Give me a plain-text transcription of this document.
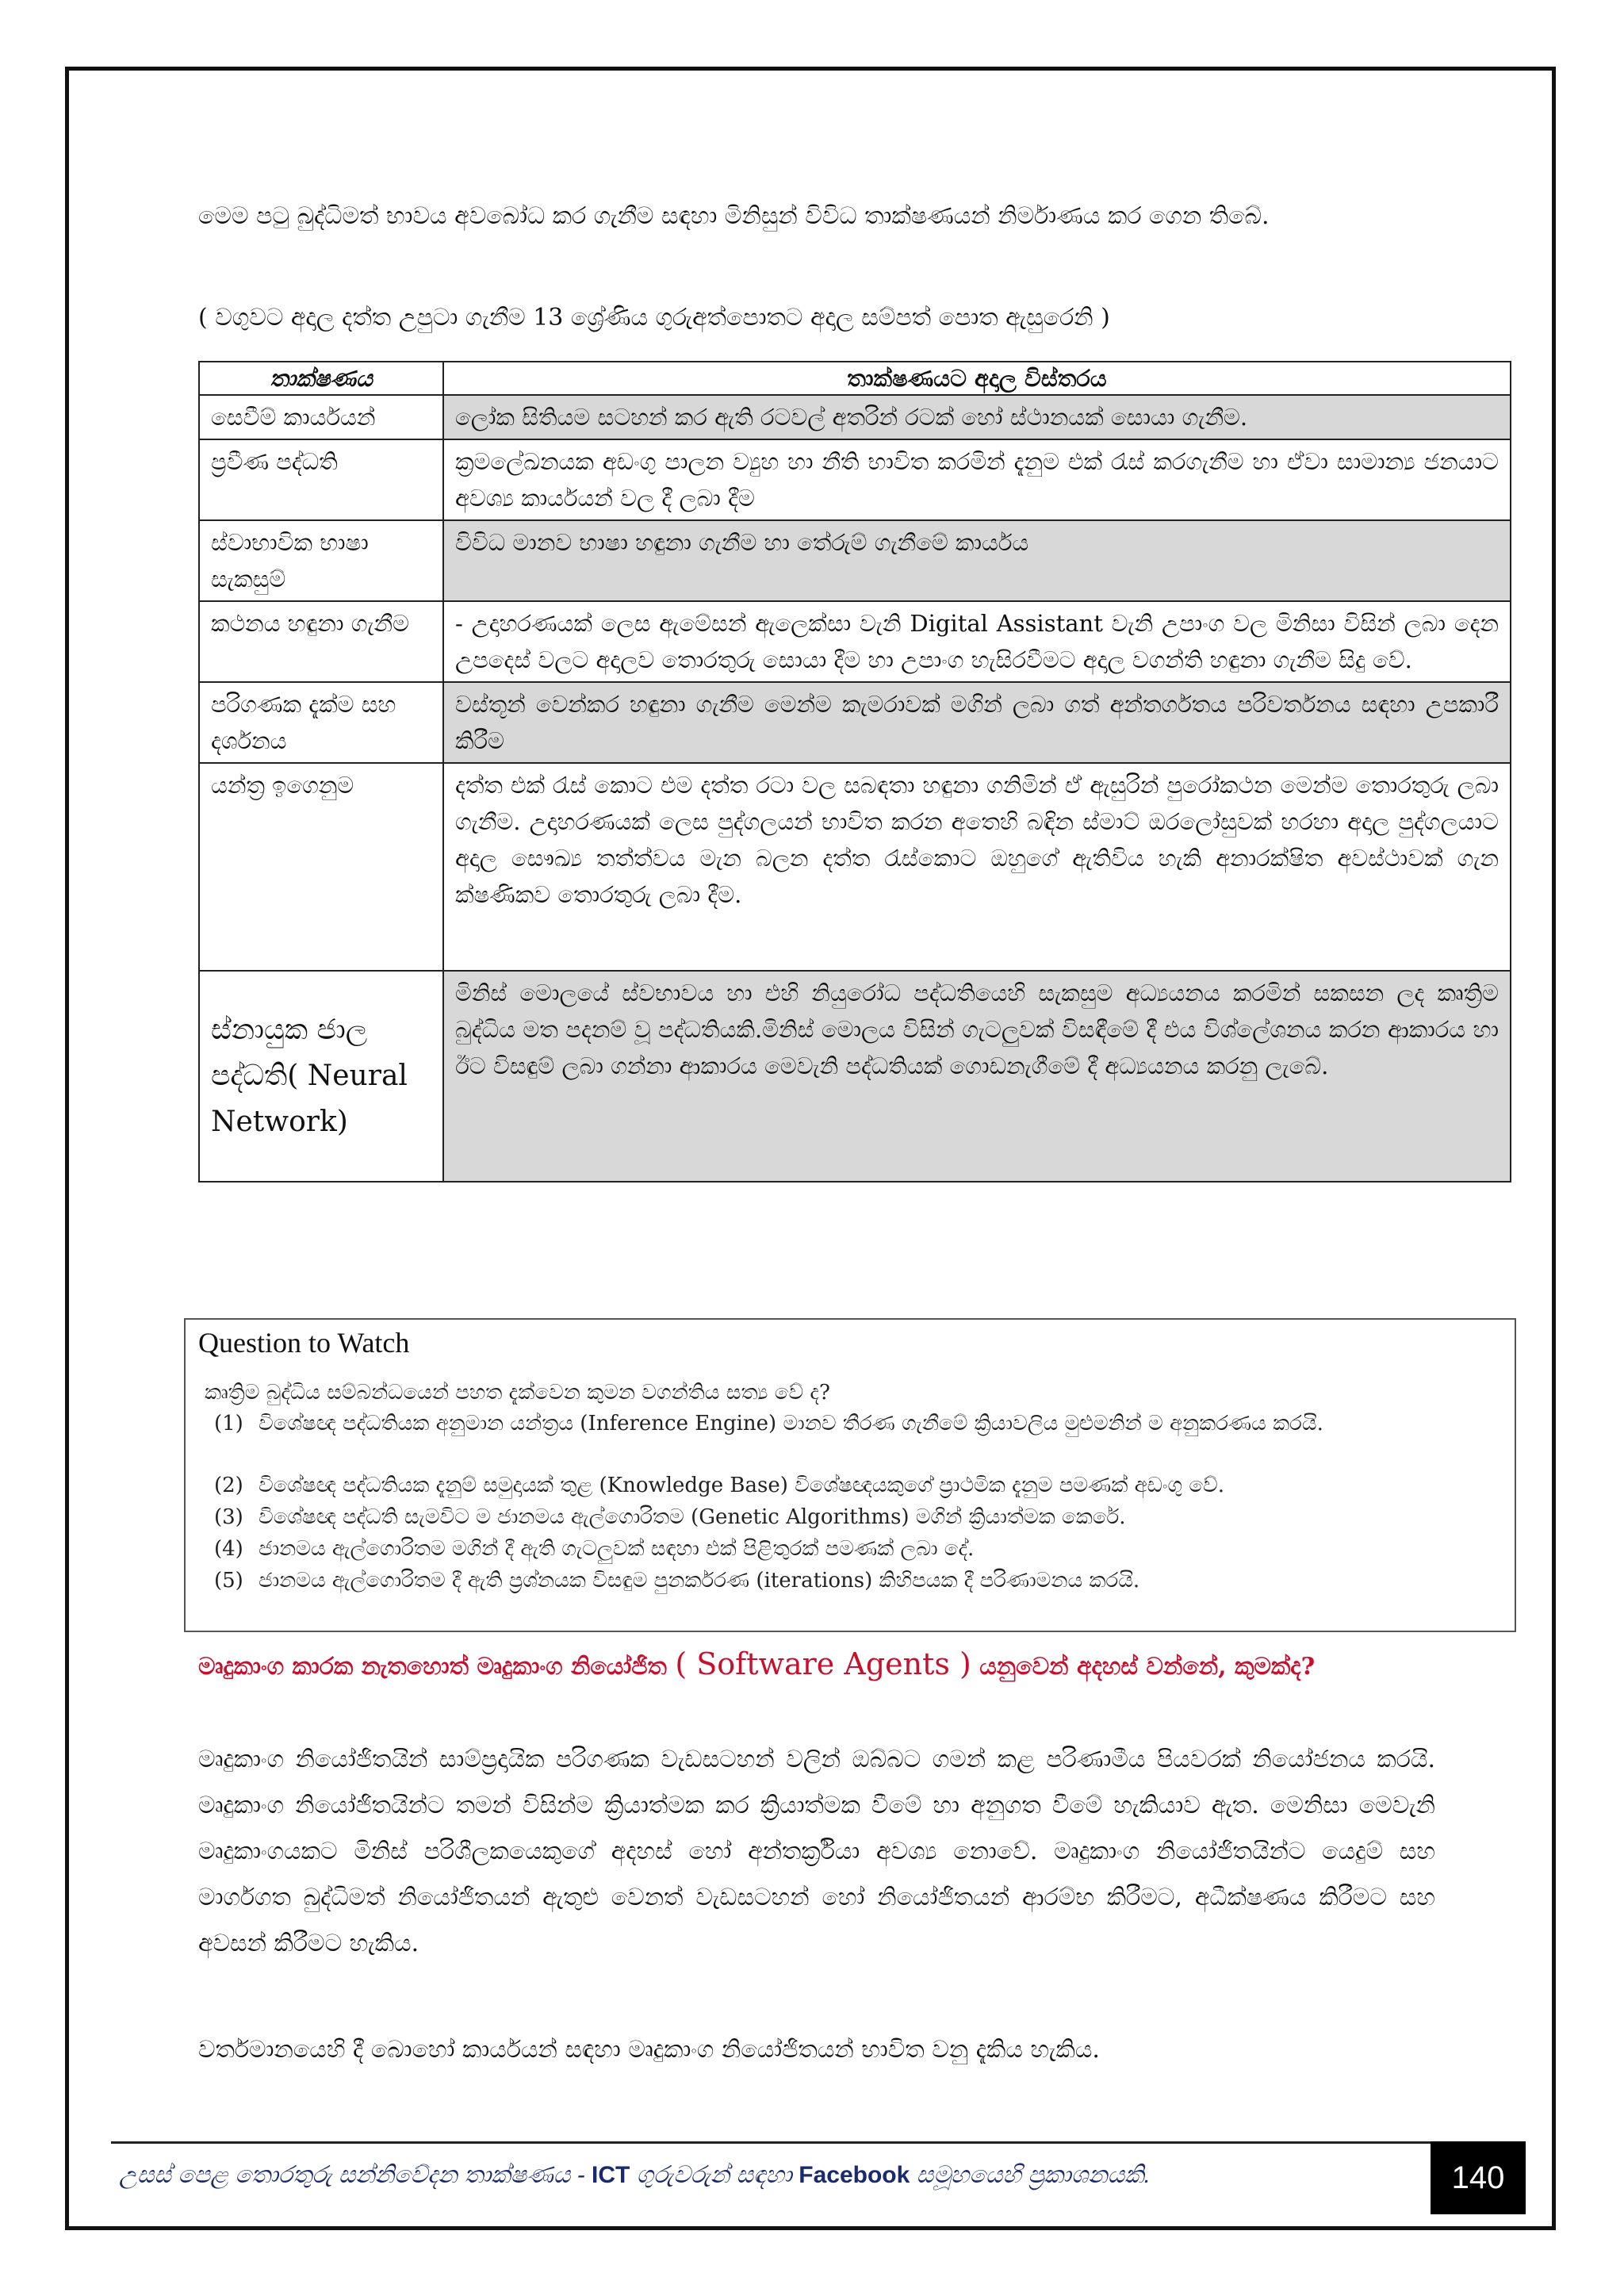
මෙම පටු බුද්ධිමත් භාවය අවබෝධ කර ගැනීම සඳහා මිනිසුන් විවිධ තාක්ෂණයන් නිර්මාණය කර ගෙන තිබේ.

( වගුවට අදාල දත්ත උපුටා ගැනීම 13 ශ්‍රේණිය ගුරුඅත්පොතට අදාල සම්පත් පොත ඇසුරෙනි )

තාක්ෂණය	තාක්ෂණයට අදාල විස්තරය
සෙවීම් කාර්යයන්	ලෝක සිතියම සටහන් කර ඇති රටවල් අතරින් රටක් හෝ ස්ථානයක් සොයා ගැනීම.
ප්‍රවීණ පද්ධති	ක්‍රමලේඛනයක අඩංගු පාලන ව්‍යුහ හා නීති භාවිත කරමින් දැනුම එක් රැස් කරගැනීම හා ඒවා සාමාන්‍ය ජනයාට අවශ්‍ය කාර්යයන් වල දී ලබා දීම
ස්වාභාවික භාෂා සැකසුම්	විවිධ මානව භාෂා හඳුනා ගැනීම හා තේරුම් ගැනීමේ කාර්යය
කථනය හඳුනා ගැනීම	- උදාහරණයක් ලෙස ඇමේසන් ඇලෙක්සා වැනි Digital Assistant වැනි උපාංග වල මිනිසා විසින් ලබා දෙන උපදෙස් වලට අදාලව තොරතුරු සොයා දීම හා උපාංග හැසිරවීමට අදාල වගන්ති හඳුනා ගැනීම සිදු වේ.
පරිගණක දැක්ම සහ දර්ශනය	වස්තූන් වෙන්කර හඳුනා ගැනීම මෙන්ම කැමරාවක් මගින් ලබා ගත් අන්තර්ගතය පරිවර්තනය සඳහා උපකාරී කිරීම
යන්ත්‍ර ඉගෙනුම	දත්ත එක් රැස් කොට එම දත්ත රටා වල සබඳතා හඳුනා ගනිමින් ඒ ඇසුරින් පුරෝකථන මෙන්ම තොරතුරු ලබා ගැනීම. උදාහරණයක් ලෙස පුද්ගලයන් භාවිත කරන අතෙහි බඳින ස්මාට් ඔරලෝසුවක් හරහා අදාල පුද්ගලයාට අදාල සෞඛ්‍ය තත්ත්වය මැන බලන දත්ත රැස්කොට ඔහුගේ ඇතිවිය හැකි අනාරක්ෂිත අවස්ථාවක් ගැන ක්ෂණිකව තොරතුරු ලබා දීම.
ස්නායුක ජාල පද්ධති( Neural Network)	මිනිස් මොලයේ ස්වභාවය හා එහි නියුරෝධ පද්ධතියෙහි සැකසුම අධ්‍යයනය කරමින් සකසන ලද කෘත්‍රිම බුද්ධිය මත පදනම් වූ පද්ධතියකි.මිනිස් මොලය විසින් ගැටලුවක් විසඳීමේ දී එය විශ්ලේශනය කරන ආකාරය හා ඊට විසඳුම් ලබා ගන්නා ආකාරය මෙවැනි පද්ධතියක් ගොඩනැගීමේ දී අධ්‍යයනය කරනු ලැබේ.
Question to Watch
කෘත්‍රිම බුද්ධිය සම්බන්ධයෙන් පහත දැක්වෙන කුමන වගන්තිය සත්‍ය වේ ද?
(1) විශේෂඥ පද්ධතියක අනුමාන යන්ත්‍රය (Inference Engine) මානව තීරණ ගැනීමේ ක්‍රියාවලිය මුළුමනින් ම අනුකරණය කරයි.
(2) විශේෂඥ පද්ධතියක දැනුම් සමුදායක් තුළ (Knowledge Base) විශේෂඥයකුගේ ප්‍රාථමික දැනුම පමණක් අඩංගු වේ.
(3) විශේෂඥ පද්ධති සැමවිට ම ජානමය ඇල්ගොරිතම (Genetic Algorithms) මගින් ක්‍රියාත්මක කෙරේ.
(4) ජානමය ඇල්ගොරිතම මගින් දී ඇති ගැටලුවක් සඳහා එක් පිළිතුරක් පමණක් ලබා දේ.
(5) ජානමය ඇල්ගොරිතම දී ඇති ප්‍රශ්නයක විසඳුම පුනර්කරණ (iterations) කිහිපයක දී පරිණාමනය කරයි.

මෘදුකාංග කාරක නැතහොත් මෘදුකාංග නියෝජිත ( Software Agents ) යනුවෙන් අදහස් වන්නේ, කුමක්ද?

මෘදුකාංග නියෝජිතයින් සාම්ප්‍රදායික පරිගණක වැඩසටහන් වලින් ඔබ්බට ගමන් කළ පරිණාමීය පියවරක් නියෝජනය කරයි. මෘදුකාංග නියෝජිතයින්ට තමන් විසින්ම ක්‍රියාත්මක කර ක්‍රියාත්මක වීමේ හා අනුගත වීමේ හැකියාව ඇත. මෙනිසා මෙවැනි මෘදුකාංගයකට මිනිස් පරිශීලකයෙකුගේ අදහස් හෝ අන්තර්ක්‍රියා අවශ්‍ය නොවේ. මෘදුකාංග නියෝජිතයින්ට යෙදුම් සහ මාර්ගගත බුද්ධිමත් නියෝජිතයන් ඇතුළු වෙනත් වැඩසටහන් හෝ නියෝජිතයන් ආරම්භ කිරීමට, අධීක්ෂණය කිරීමට සහ අවසන් කිරීමට හැකිය.

වර්තමානයෙහි දී බොහෝ කාර්යයන් සඳහා මෘදුකාංග නියෝජිතයන් භාවිත වනු දැකිය හැකිය.

උසස් පෙළ තොරතුරු සන්නිවේදන තාක්ෂණය - ICT ගුරුවරුන් සඳහා Facebook සමූහයෙහි ප්‍රකාශනයකි.	140
